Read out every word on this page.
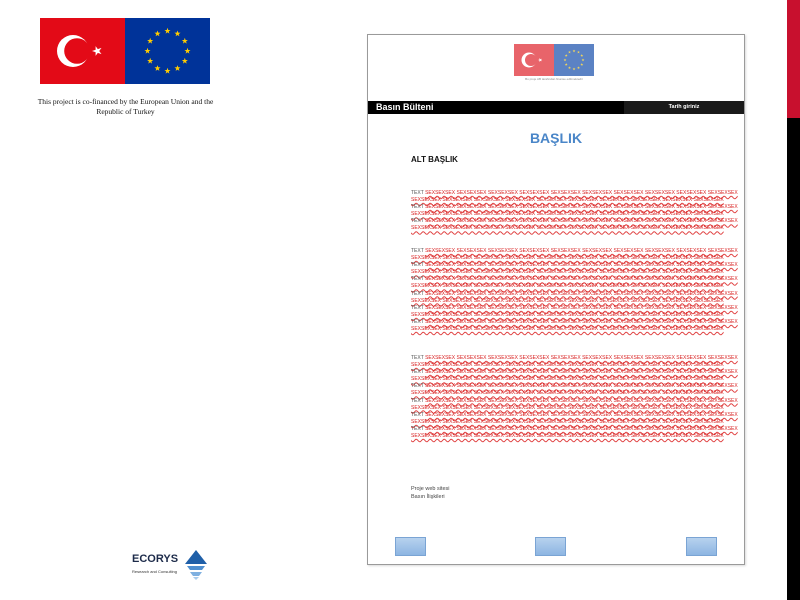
This project is co-financed by the European Union and the Republic of Turkey
Bu proje AB tarafından finanse edilmektedir
Basın Bülteni	Tarih giriniz
BAŞLIK
ALT BAŞLIK
TEXT SEXSEXSEX SEXSEXSEX SEXSEXSEX SEXSEXSEX SEXSEXSEX SEXSEXSEX SEXSEXSEX SEXSEXSEX SEXSEXSEX SEXSEXSEX
SEXSEXSEX SEXSEXSEX SEXSEXSEX SEXSEXSEX SEXSEXSEX SEXSEXSEX SEXSEXSEX SEXSEXSEX SEXSEXSEX SEXSEXSEX
TEXT SEXSEXSEX SEXSEXSEX SEXSEXSEX SEXSEXSEX SEXSEXSEX SEXSEXSEX SEXSEXSEX SEXSEXSEX SEXSEXSEX SEXSEXSEX
SEXSEXSEX SEXSEXSEX SEXSEXSEX SEXSEXSEX SEXSEXSEX SEXSEXSEX SEXSEXSEX SEXSEXSEX SEXSEXSEX SEXSEXSEX
TEXT SEXSEXSEX SEXSEXSEX SEXSEXSEX SEXSEXSEX SEXSEXSEX SEXSEXSEX SEXSEXSEX SEXSEXSEX SEXSEXSEX SEXSEXSEX
SEXSEXSEX SEXSEXSEX SEXSEXSEX SEXSEXSEX SEXSEXSEX SEXSEXSEX SEXSEXSEX SEXSEXSEX SEXSEXSEX SEXSEXSEX
TEXT SEXSEXSEX SEXSEXSEX SEXSEXSEX SEXSEXSEX SEXSEXSEX SEXSEXSEX SEXSEXSEX SEXSEXSEX SEXSEXSEX SEXSEXSEX
SEXSEXSEX SEXSEXSEX SEXSEXSEX SEXSEXSEX SEXSEXSEX SEXSEXSEX SEXSEXSEX SEXSEXSEX SEXSEXSEX SEXSEXSEX
TEXT SEXSEXSEX SEXSEXSEX SEXSEXSEX SEXSEXSEX SEXSEXSEX SEXSEXSEX SEXSEXSEX SEXSEXSEX SEXSEXSEX SEXSEXSEX
SEXSEXSEX SEXSEXSEX SEXSEXSEX SEXSEXSEX SEXSEXSEX SEXSEXSEX SEXSEXSEX SEXSEXSEX SEXSEXSEX SEXSEXSEX
TEXT SEXSEXSEX SEXSEXSEX SEXSEXSEX SEXSEXSEX SEXSEXSEX SEXSEXSEX SEXSEXSEX SEXSEXSEX SEXSEXSEX SEXSEXSEX
SEXSEXSEX SEXSEXSEX SEXSEXSEX SEXSEXSEX SEXSEXSEX SEXSEXSEX SEXSEXSEX SEXSEXSEX SEXSEXSEX SEXSEXSEX
TEXT SEXSEXSEX SEXSEXSEX SEXSEXSEX SEXSEXSEX SEXSEXSEX SEXSEXSEX SEXSEXSEX SEXSEXSEX SEXSEXSEX SEXSEXSEX
SEXSEXSEX SEXSEXSEX SEXSEXSEX SEXSEXSEX SEXSEXSEX SEXSEXSEX SEXSEXSEX SEXSEXSEX SEXSEXSEX SEXSEXSEX
TEXT SEXSEXSEX SEXSEXSEX SEXSEXSEX SEXSEXSEX SEXSEXSEX SEXSEXSEX SEXSEXSEX SEXSEXSEX SEXSEXSEX SEXSEXSEX
SEXSEXSEX SEXSEXSEX SEXSEXSEX SEXSEXSEX SEXSEXSEX SEXSEXSEX SEXSEXSEX SEXSEXSEX SEXSEXSEX SEXSEXSEX
TEXT SEXSEXSEX SEXSEXSEX SEXSEXSEX SEXSEXSEX SEXSEXSEX SEXSEXSEX SEXSEXSEX SEXSEXSEX SEXSEXSEX SEXSEXSEX
SEXSEXSEX SEXSEXSEX SEXSEXSEX SEXSEXSEX SEXSEXSEX SEXSEXSEX SEXSEXSEX SEXSEXSEX SEXSEXSEX SEXSEXSEX
TEXT SEXSEXSEX SEXSEXSEX SEXSEXSEX SEXSEXSEX SEXSEXSEX SEXSEXSEX SEXSEXSEX SEXSEXSEX SEXSEXSEX SEXSEXSEX
SEXSEXSEX SEXSEXSEX SEXSEXSEX SEXSEXSEX SEXSEXSEX SEXSEXSEX SEXSEXSEX SEXSEXSEX SEXSEXSEX SEXSEXSEX
TEXT SEXSEXSEX SEXSEXSEX SEXSEXSEX SEXSEXSEX SEXSEXSEX SEXSEXSEX SEXSEXSEX SEXSEXSEX SEXSEXSEX SEXSEXSEX
SEXSEXSEX SEXSEXSEX SEXSEXSEX SEXSEXSEX SEXSEXSEX SEXSEXSEX SEXSEXSEX SEXSEXSEX SEXSEXSEX SEXSEXSEX
TEXT SEXSEXSEX SEXSEXSEX SEXSEXSEX SEXSEXSEX SEXSEXSEX SEXSEXSEX SEXSEXSEX SEXSEXSEX SEXSEXSEX SEXSEXSEX
SEXSEXSEX SEXSEXSEX SEXSEXSEX SEXSEXSEX SEXSEXSEX SEXSEXSEX SEXSEXSEX SEXSEXSEX SEXSEXSEX SEXSEXSEX
TEXT SEXSEXSEX SEXSEXSEX SEXSEXSEX SEXSEXSEX SEXSEXSEX SEXSEXSEX SEXSEXSEX SEXSEXSEX SEXSEXSEX SEXSEXSEX
SEXSEXSEX SEXSEXSEX SEXSEXSEX SEXSEXSEX SEXSEXSEX SEXSEXSEX SEXSEXSEX SEXSEXSEX SEXSEXSEX SEXSEXSEX
TEXT SEXSEXSEX SEXSEXSEX SEXSEXSEX SEXSEXSEX SEXSEXSEX SEXSEXSEX SEXSEXSEX SEXSEXSEX SEXSEXSEX SEXSEXSEX
SEXSEXSEX SEXSEXSEX SEXSEXSEX SEXSEXSEX SEXSEXSEX SEXSEXSEX SEXSEXSEX SEXSEXSEX SEXSEXSEX SEXSEXSEX
TEXT SEXSEXSEX SEXSEXSEX SEXSEXSEX SEXSEXSEX SEXSEXSEX SEXSEXSEX SEXSEXSEX SEXSEXSEX SEXSEXSEX SEXSEXSEX
SEXSEXSEX SEXSEXSEX SEXSEXSEX SEXSEXSEX SEXSEXSEX SEXSEXSEX SEXSEXSEX SEXSEXSEX SEXSEXSEX SEXSEXSEX
Proje web sitesi
Basın İlişkileri
ECORYS
Research and Consulting
